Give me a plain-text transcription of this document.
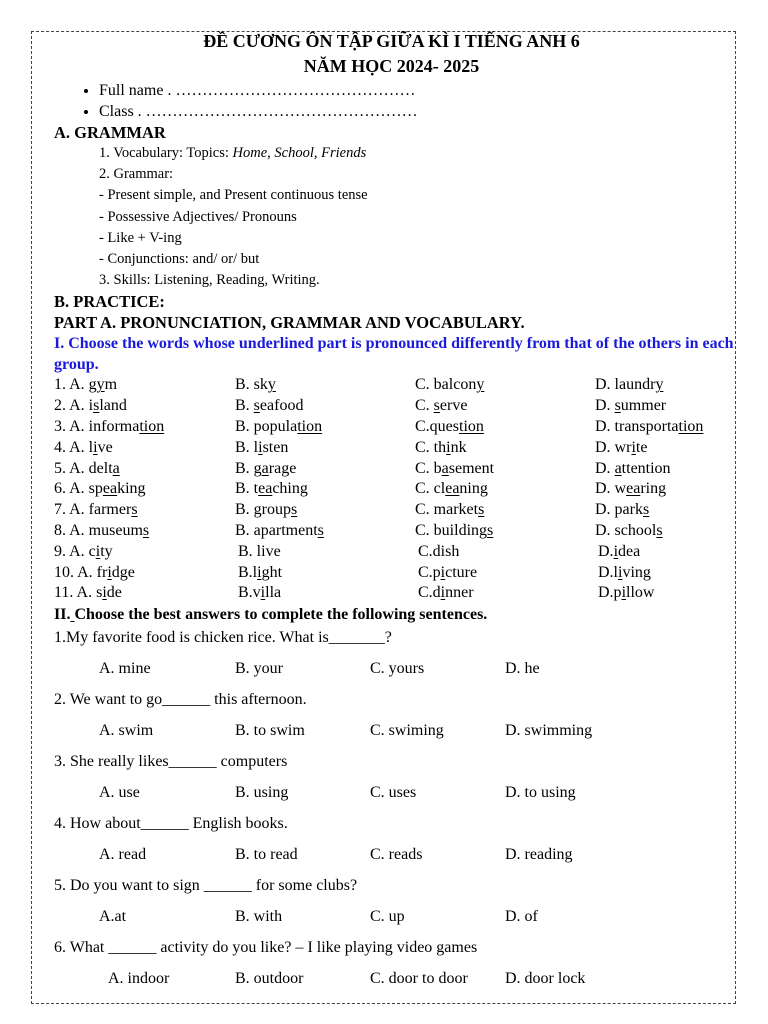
ĐỀ CƯƠNG ÔN TẬP GIỮA KÌ I TIẾNG ANH 6
NĂM HỌC 2024- 2025
• Full name . ………………………………………
• Class . ……………………………………………
A. GRAMMAR
1. Vocabulary: Topics: Home, School, Friends
2. Grammar:
- Present simple, and Present continuous tense
- Possessive Adjectives/ Pronouns
- Like + V-ing
- Conjunctions: and/ or/ but
3. Skills: Listening, Reading, Writing.
B. PRACTICE:
PART A. PRONUNCIATION, GRAMMAR AND VOCABULARY.
I. Choose the words whose underlined part is pronounced differently from that of the others in each group.
1. A. gym	B. sky	C. balcony	D. laundry
2. A. island	B. seafood	C. serve	D. summer
3. A. information	B. population	C.question	D. transportation
4. A. live	B. listen	C. think	D. write
5. A. delta	B. garage	C. basement	D. attention
6. A. speaking	B. teaching	C. cleaning	D. wearing
7. A. farmers	B. groups	C. markets	D. parks
8. A. museums	B. apartments	C. buildings	D. schools
9. A. city	B. live	C.dish	D.idea
10. A. fridge	B.light	C.picture	D.living
11. A. side	B.villa	C.dinner	D.pillow
II. Choose the best answers to complete the following sentences.
1.My favorite food is chicken rice. What is_______?
A. mine	B. your	C. yours	D. he
2. We want to go______ this afternoon.
A. swim	B. to swim	C. swiming	D. swimming
3. She really likes______ computers
A. use	B. using	C. uses	D. to using
4. How about______ English books.
A. read	B. to read	C. reads	D. reading
5. Do you want to sign ______ for some clubs?
A.at	B. with	C. up	D. of
6. What ______ activity do you like? – I like playing video games
A. indoor	B. outdoor	C. door to door D. door lock
